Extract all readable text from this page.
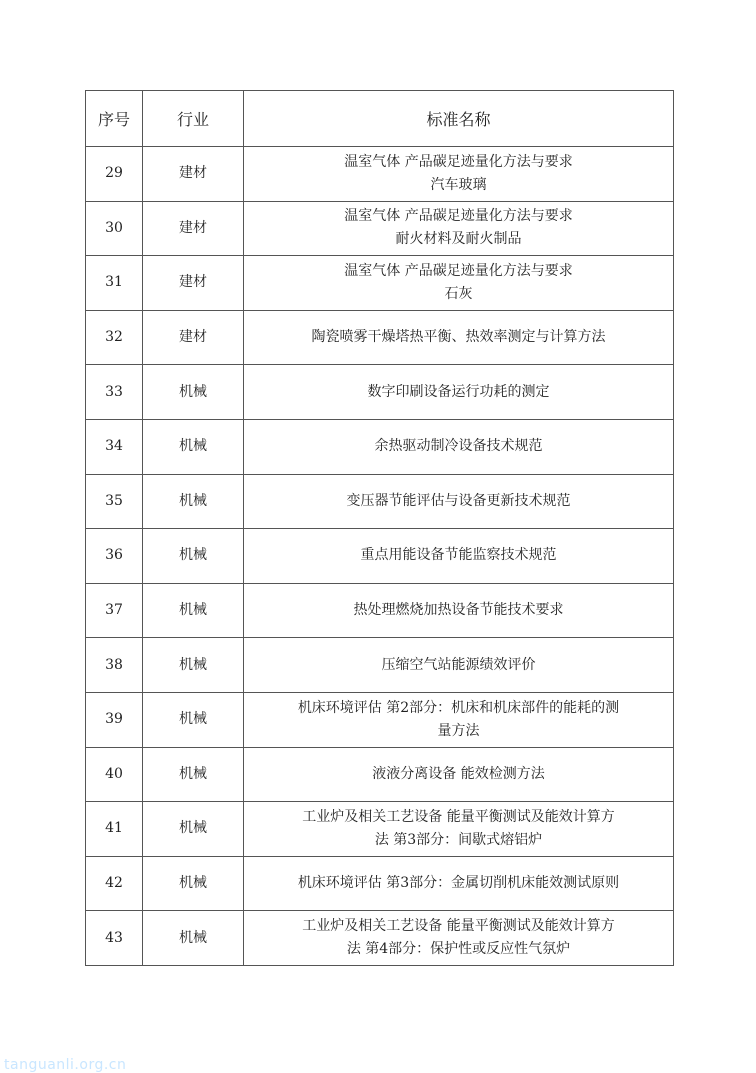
序号	行业	标准名称
29	建材	温室气体 产品碳足迹量化方法与要求
汽车玻璃

30	建材	温室气体 产品碳足迹量化方法与要求
耐火材料及耐火制品

31	建材	温室气体 产品碳足迹量化方法与要求
石灰

32	建材	陶瓷喷雾干燥塔热平衡、热效率测定与计算方法

33	机械	数字印刷设备运行功耗的测定

34	机械	余热驱动制冷设备技术规范

35	机械	变压器节能评估与设备更新技术规范

36	机械	重点用能设备节能监察技术规范

37	机械	热处理燃烧加热设备节能技术要求

38	机械	压缩空气站能源绩效评价

39	机械	机床环境评估 第2部分：机床和机床部件的能耗的测
量方法

40	机械	液液分离设备 能效检测方法

41	机械	工业炉及相关工艺设备 能量平衡测试及能效计算方
法 第3部分：间歇式熔铝炉

42	机械	机床环境评估 第3部分：金属切削机床能效测试原则

43	机械	工业炉及相关工艺设备 能量平衡测试及能效计算方
法 第4部分：保护性或反应性气氛炉
tanguanli.org.cn
